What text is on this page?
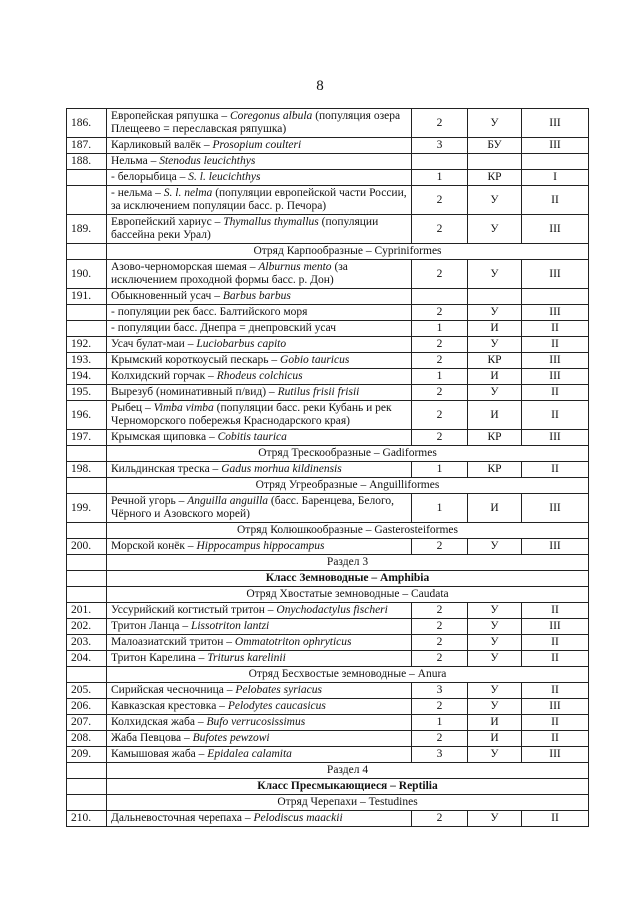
8
186.	Европейская ряпушка – Coregonus albula (популяция озера Плещеево = переславская ряпушка)	2	У	III
187.	Карликовый валёк – Prosopium coulteri	3	БУ	III
188.	Нельма – Stenodus leucichthys			
	- белорыбица – S. l. leucichthys	1	КР	I
	- нельма – S. l. nelma (популяции европейской части России, за исключением популяции басс. р. Печора)	2	У	II
189.	Европейский хариус – Thymallus thymallus (популяции бассейна реки Урал)	2	У	III
	Отряд Карпообразные – Cypriniformes			
190.	Азово-черноморская шемая – Alburnus mento (за исключением проходной формы басс. р. Дон)	2	У	III
191.	Обыкновенный усач – Barbus barbus			
	- популяции рек басс. Балтийского моря	2	У	III
	- популяции басс. Днепра = днепровский усач	1	И	II
192.	Усач булат-маи – Luciobarbus capito	2	У	II
193.	Крымский короткоусый пескарь – Gobio tauricus	2	КР	III
194.	Колхидский горчак – Rhodeus colchicus	1	И	III
195.	Вырезуб (номинативный п/вид) – Rutilus frisii frisii	2	У	II
196.	Рыбец – Vimba vimba (популяции басс. реки Кубань и рек Черноморского побережья Краснодарского края)	2	И	II
197.	Крымская щиповка – Cobitis taurica	2	КР	III
	Отряд Трескообразные – Gadiformes			
198.	Кильдинская треска – Gadus morhua kildinensis	1	КР	II
	Отряд Угреобразные – Anguilliformes			
199.	Речной угорь – Anguilla anguilla (басс. Баренцева, Белого, Чёрного и Азовского морей)	1	И	III
	Отряд Колюшкообразные – Gasterosteiformes			
200.	Морской конёк – Hippocampus hippocampus	2	У	III
	Раздел 3			
	Класс Земноводные – Amphibia			
	Отряд Хвостатые земноводные – Caudata			
201.	Уссурийский когтистый тритон – Onychodactylus fischeri	2	У	II
202.	Тритон Ланца – Lissotriton lantzi	2	У	III
203.	Малоазиатский тритон – Ommatotriton ophryticus	2	У	II
204.	Тритон Карелина – Triturus karelinii	2	У	II
	Отряд Бесхвостые земноводные – Anura			
205.	Сирийская чесночница – Pelobates syriacus	3	У	II
206.	Кавказская крестовка – Pelodytes caucasicus	2	У	III
207.	Колхидская жаба – Bufo verrucosissimus	1	И	II
208.	Жаба Певцова – Bufotes pewzowi	2	И	II
209.	Камышовая жаба – Epidalea calamita	3	У	III
	Раздел 4			
	Класс Пресмыкающиеся – Reptilia			
	Отряд Черепахи – Testudines			
210.	Дальневосточная черепаха – Pelodiscus maackii	2	У	II
